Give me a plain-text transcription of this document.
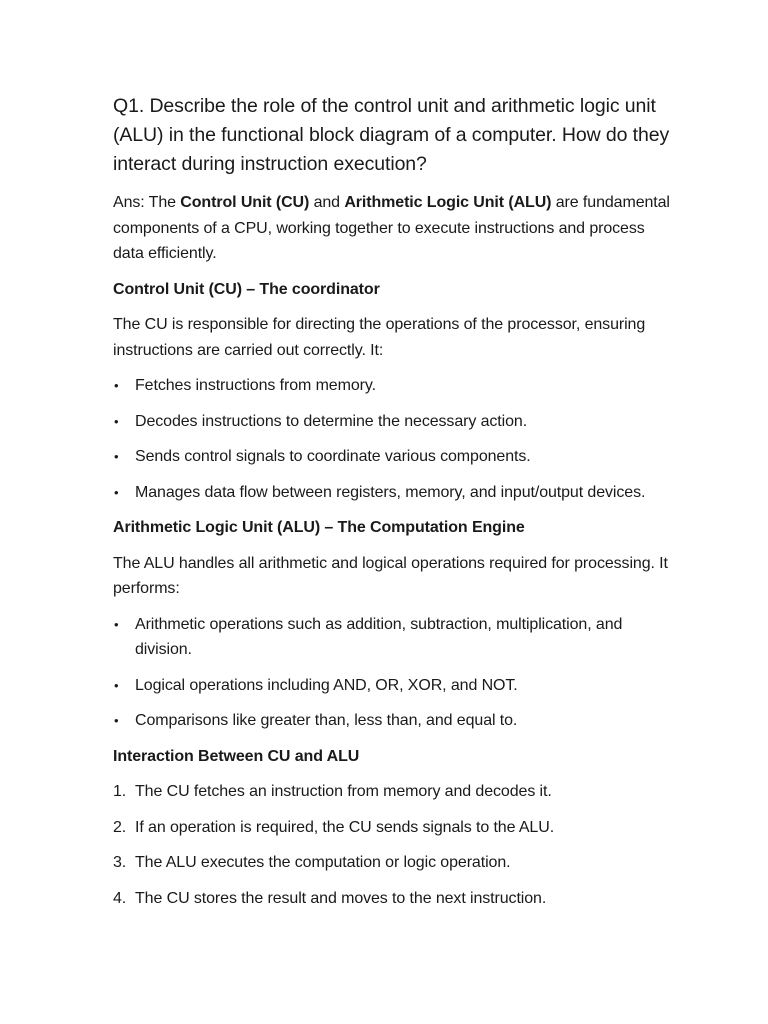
Q1. Describe the role of the control unit and arithmetic logic unit (ALU) in the functional block diagram of a computer. How do they interact during instruction execution?

Ans: The Control Unit (CU) and Arithmetic Logic Unit (ALU) are fundamental components of a CPU, working together to execute instructions and process data efficiently.

Control Unit (CU) – The coordinator

The CU is responsible for directing the operations of the processor, ensuring instructions are carried out correctly. It:

• Fetches instructions from memory.
• Decodes instructions to determine the necessary action.
• Sends control signals to coordinate various components.
• Manages data flow between registers, memory, and input/output devices.

Arithmetic Logic Unit (ALU) – The Computation Engine

The ALU handles all arithmetic and logical operations required for processing. It performs:

• Arithmetic operations such as addition, subtraction, multiplication, and division.
• Logical operations including AND, OR, XOR, and NOT.
• Comparisons like greater than, less than, and equal to.

Interaction Between CU and ALU

1. The CU fetches an instruction from memory and decodes it.
2. If an operation is required, the CU sends signals to the ALU.
3. The ALU executes the computation or logic operation.
4. The CU stores the result and moves to the next instruction.
